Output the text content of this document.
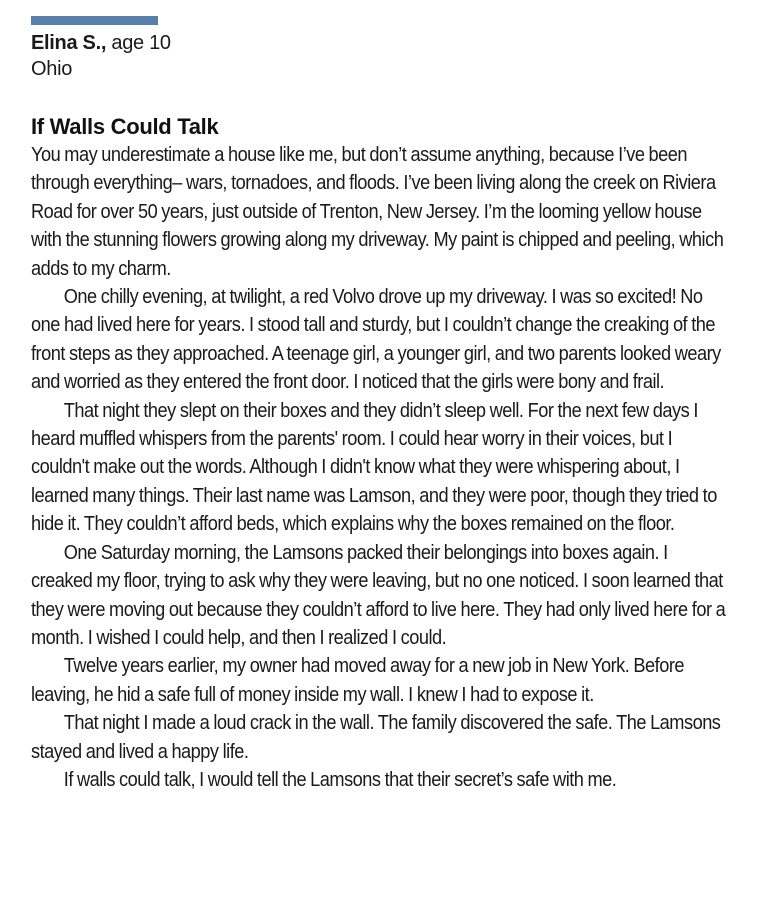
Elina S., age 10
Ohio
If Walls Could Talk

You may underestimate a house like me, but don’t assume anything, because I’ve been through everything– wars, tornadoes, and floods. I’ve been living along the creek on Riviera Road for over 50 years, just outside of Trenton, New Jersey. I’m the looming yellow house with the stunning flowers growing along my driveway. My paint is chipped and peeling, which adds to my charm.

One chilly evening, at twilight, a red Volvo drove up my driveway. I was so excited! No one had lived here for years. I stood tall and sturdy, but I couldn’t change the creaking of the front steps as they approached. A teenage girl, a younger girl, and two parents looked weary and worried as they entered the front door. I noticed that the girls were bony and frail.

That night they slept on their boxes and they didn’t sleep well. For the next few days I heard muffled whispers from the parents' room. I could hear worry in their voices, but I couldn't make out the words. Although I didn't know what they were whispering about, I learned many things. Their last name was Lamson, and they were poor, though they tried to hide it. They couldn’t afford beds, which explains why the boxes remained on the floor.

One Saturday morning, the Lamsons packed their belongings into boxes again. I creaked my floor, trying to ask why they were leaving, but no one noticed. I soon learned that they were moving out because they couldn’t afford to live here. They had only lived here for a month. I wished I could help, and then I realized I could.

Twelve years earlier, my owner had moved away for a new job in New York. Before leaving, he hid a safe full of money inside my wall. I knew I had to expose it.

That night I made a loud crack in the wall. The family discovered the safe. The Lamsons stayed and lived a happy life.

If walls could talk, I would tell the Lamsons that their secret’s safe with me.
